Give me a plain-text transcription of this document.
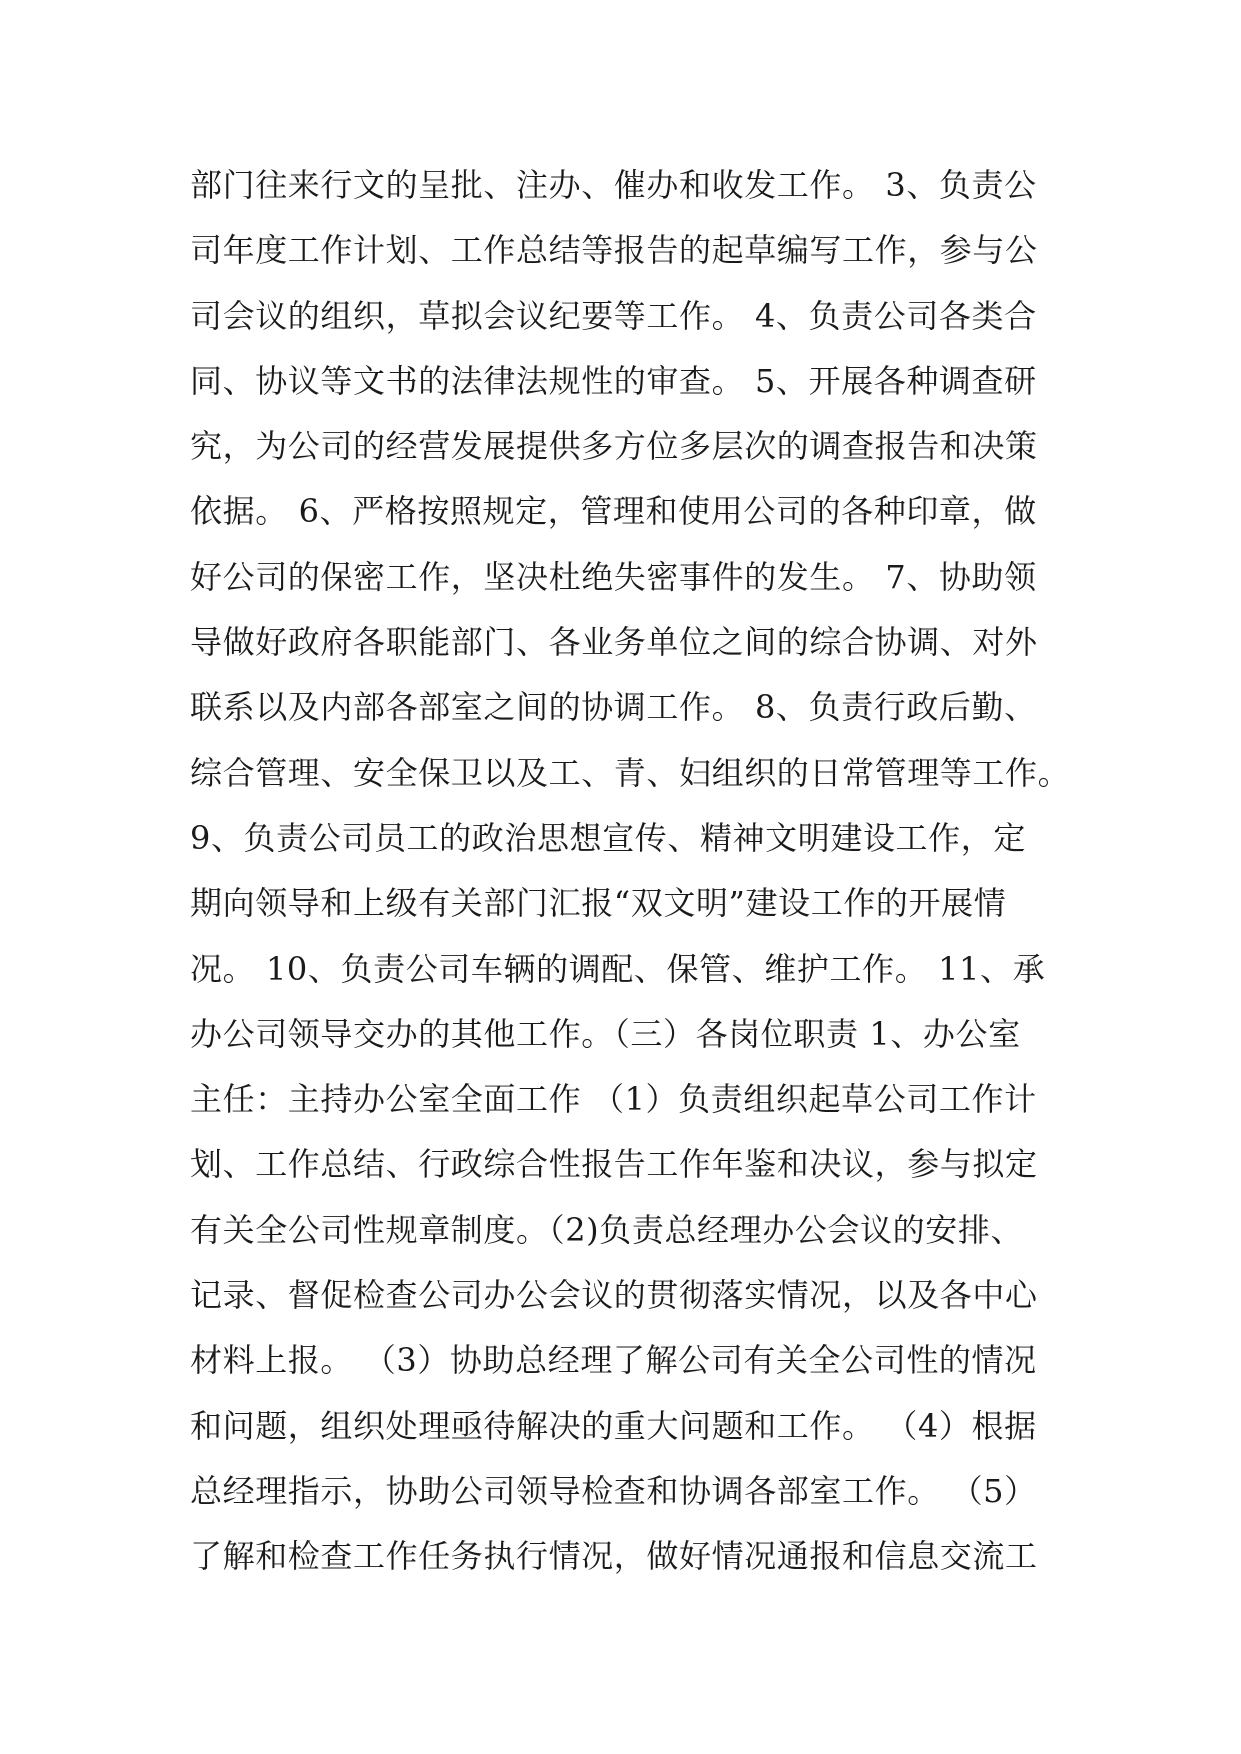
部门往来行文的呈批、注办、催办和收发工作。 3、负责公
司年度工作计划、工作总结等报告的起草编写工作，参与公
司会议的组织，草拟会议纪要等工作。 4、负责公司各类合
同、协议等文书的法律法规性的审查。 5、开展各种调查研
究，为公司的经营发展提供多方位多层次的调查报告和决策
依据。 6、严格按照规定，管理和使用公司的各种印章，做
好公司的保密工作，坚决杜绝失密事件的发生。 7、协助领
导做好政府各职能部门、各业务单位之间的综合协调、对外
联系以及内部各部室之间的协调工作。 8、负责行政后勤、
综合管理、安全保卫以及工、青、妇组织的日常管理等工作。
9、负责公司员工的政治思想宣传、精神文明建设工作，定
期向领导和上级有关部门汇报“双文明”建设工作的开展情
况。 10、负责公司车辆的调配、保管、维护工作。 11、承
办公司领导交办的其他工作。（三）各岗位职责 1、办公室
主任：主持办公室全面工作 （1）负责组织起草公司工作计
划、工作总结、行政综合性报告工作年鉴和决议，参与拟定
有关全公司性规章制度。（2)负责总经理办公会议的安排、
记录、督促检查公司办公会议的贯彻落实情况，以及各中心
材料上报。 （3）协助总经理了解公司有关全公司性的情况
和问题，组织处理亟待解决的重大问题和工作。 （4）根据
总经理指示，协助公司领导检查和协调各部室工作。 （5）
了解和检查工作任务执行情况，做好情况通报和信息交流工
